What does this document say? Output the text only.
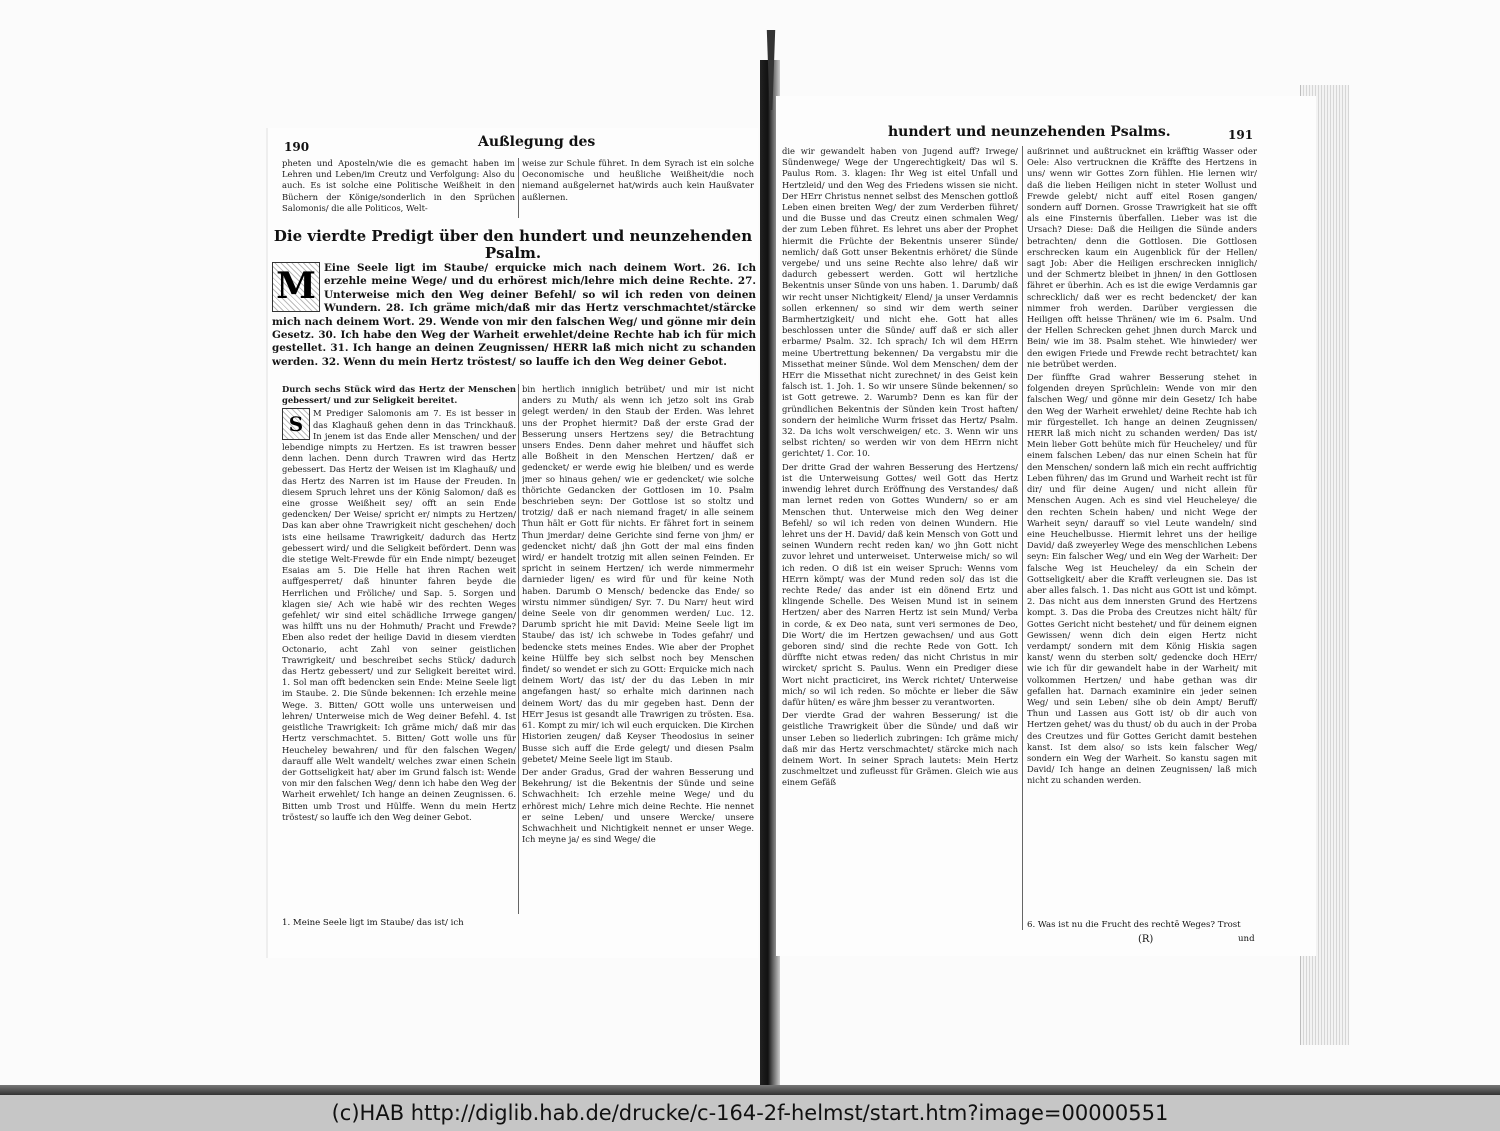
190	Außlegung des

pheten und Aposteln/wie die es gemacht haben im Lehren und Leben/im Creutz und Verfolgung: Also du auch. Es ist solche eine Politische Weißheit in den Büchern der Könige/sonderlich in den Sprüchen Salomonis/ die alle Politicos, Welt-

weise zur Schule führet. In dem Syrach ist ein solche Oeconomische und heußliche Weißheit/die noch niemand außgelernet hat/wirds auch kein Haußvater außlernen.

Die vierdte Predigt über den hundert und neunzehenden Psalm.
M Eine Seele ligt im Staube/ erquicke mich nach deinem Wort. 26. Ich erzehle meine Wege/ und du erhörest mich/lehre mich deine Rechte. 27. Unterweise mich den Weg deiner Befehl/ so wil ich reden von deinen Wundern. 28. Ich gräme mich/daß mir das Hertz verschmachtet/stärcke mich nach deinem Wort. 29. Wende von mir den falschen Weg/ und gönne mir dein Gesetz. 30. Ich habe den Weg der Warheit erwehlet/deine Rechte hab ich für mich gestellet. 31. Ich hange an deinen Zeugnissen/ HERR laß mich nicht zu schanden werden. 32. Wenn du mein Hertz tröstest/ so lauffe ich den Weg deiner Gebot.

Durch sechs Stück wird das Hertz der Menschen gebessert/ und zur Seligkeit bereitet.

S	M Prediger Salomonis am 7. Es ist besser in das Klaghauß gehen denn in das Trinckhauß. In jenem ist das Ende aller Menschen/ und der lebendige nimpts zu Hertzen. Es ist trawren besser denn lachen. Denn durch Trawren wird das Hertz gebessert. Das Hertz der Weisen ist im Klaghauß/ und das Hertz des Narren ist im Hause der Freuden. In diesem Spruch lehret uns der König Salomon/ daß es eine grosse Weißheit sey/ offt an sein Ende gedencken/ Der Weise/ spricht er/ nimpts zu Hertzen/ Das kan aber ohne Trawrigkeit nicht geschehen/ doch ists eine heilsame Trawrigkeit/ dadurch das Hertz gebessert wird/ und die Seligkeit befördert. Denn was die stetige Welt-Frewde für ein Ende nimpt/ bezeuget Esaias am 5. Die Helle hat ihren Rachen weit auffgesperret/ daß hinunter fahren beyde die Herrlichen und Fröliche/ und Sap. 5. Sorgen und klagen sie/ Ach wie habē wir des rechten Weges gefehlet/ wir sind eitel schädliche Irrwege gangen/ was hilfft uns nu der Hohmuth/ Pracht und Frewde? Eben also redet der heilige David in diesem vierdten Octonario, acht Zahl von seiner geistlichen Trawrigkeit/ und beschreibet sechs Stück/ dadurch das Hertz gebessert/ und zur Seligkeit bereitet wird. 1. Sol man offt bedencken sein Ende: Meine Seele ligt im Staube. 2. Die Sünde bekennen: Ich erzehle meine Wege. 3. Bitten/ GOtt wolle uns unterweisen und lehren/ Unterweise mich de Weg deiner Befehl. 4. Ist geistliche Trawrigkeit: Ich gräme mich/ daß mir das Hertz verschmachtet. 5. Bitten/ Gott wolle uns für Heucheley bewahren/ und für den falschen Wegen/ darauff alle Welt wandelt/ welches zwar einen Schein der Gottseligkeit hat/ aber im Grund falsch ist: Wende von mir den falschen Weg/ denn ich habe den Weg der Warheit erwehlet/ Ich hange an deinen Zeugnissen. 6. Bitten umb Trost und Hülffe. Wenn du mein Hertz tröstest/ so lauffe ich den Weg deiner Gebot.

bin hertlich inniglich betrübet/ und mir ist nicht anders zu Muth/ als wenn ich jetzo solt ins Grab gelegt werden/ in den Staub der Erden. Was lehret uns der Prophet hiermit? Daß der erste Grad der Besserung unsers Hertzens sey/ die Betrachtung unsers Endes. Denn daher mehret und häuffet sich alle Boßheit in den Menschen Hertzen/ daß er gedencket/ er werde ewig hie bleiben/ und es werde jmer so hinaus gehen/ wie er gedencket/ wie solche thörichte Gedancken der Gottlosen im 10. Psalm beschrieben seyn: Der Gottlose ist so stoltz und trotzig/ daß er nach niemand fraget/ in alle seinem Thun hält er Gott für nichts. Er fähret fort in seinem Thun jmerdar/ deine Gerichte sind ferne von jhm/ er gedencket nicht/ daß jhn Gott der mal eins finden wird/ er handelt trotzig mit allen seinen Feinden. Er spricht in seinem Hertzen/ ich werde nimmermehr darnieder ligen/ es wird für und für keine Noth haben. Darumb O Mensch/ bedencke das Ende/ so wirstu nimmer sündigen/ Syr. 7. Du Narr/ heut wird deine Seele von dir genommen werden/ Luc. 12. Darumb spricht hie mit David: Meine Seele ligt im Staube/ das ist/ ich schwebe in Todes gefahr/ und bedencke stets meines Endes. Wie aber der Prophet keine Hülffe bey sich selbst noch bey Menschen findet/ so wendet er sich zu GOtt: Erquicke mich nach deinem Wort/ das ist/ der du das Leben in mir angefangen hast/ so erhalte mich darinnen nach deinem Wort/ das du mir gegeben hast. Denn der HErr Jesus ist gesandt alle Trawrigen zu trösten. Esa. 61. Kompt zu mir/ ich wil euch erquicken. Die Kirchen Historien zeugen/ daß Keyser Theodosius in seiner Busse sich auff die Erde gelegt/ und diesen Psalm gebetet/ Meine Seele ligt im Staub.

Der ander Gradus, Grad der wahren Besserung und Bekehrung/ ist die Bekentnis der Sünde und seine Schwachheit: Ich erzehle meine Wege/ und du erhörest mich/ Lehre mich deine Rechte. Hie nennet er seine Leben/ und unsere Wercke/ unsere Schwachheit und Nichtigkeit nennet er unser Wege. Ich meyne ja/ es sind Wege/ die

1. Meine Seele ligt im Staube/ das ist/ ich
hundert und neunzehenden Psalms.	191

die wir gewandelt haben von Jugend auff? Irwege/ Sündenwege/ Wege der Ungerechtigkeit/ Das wil S. Paulus Rom. 3. klagen: Ihr Weg ist eitel Unfall und Hertzleid/ und den Weg des Friedens wissen sie nicht. Der HErr Christus nennet selbst des Menschen gottloß Leben einen breiten Weg/ der zum Verderben führet/ und die Busse und das Creutz einen schmalen Weg/ der zum Leben führet. Es lehret uns aber der Prophet hiermit die Früchte der Bekentnis unserer Sünde/ nemlich/ daß Gott unser Bekentnis erhöret/ die Sünde vergebe/ und uns seine Rechte also lehre/ daß wir dadurch gebessert werden. Gott wil hertzliche Bekentnis unser Sünde von uns haben. 1. Darumb/ daß wir recht unser Nichtigkeit/ Elend/ ja unser Verdamnis sollen erkennen/ so sind wir dem werth seiner Barmhertzigkeit/ und nicht ehe. Gott hat alles beschlossen unter die Sünde/ auff daß er sich aller erbarme/ Psalm. 32. Ich sprach/ Ich wil dem HErrn meine Ubertrettung bekennen/ Da vergabstu mir die Missethat meiner Sünde. Wol dem Menschen/ dem der HErr die Missethat nicht zurechnet/ in des Geist kein falsch ist. 1. Joh. 1. So wir unsere Sünde bekennen/ so ist Gott getrewe. 2. Warumb? Denn es kan für der gründlichen Bekentnis der Sünden kein Trost haften/ sondern der heimliche Wurm frisset das Hertz/ Psalm. 32. Da ichs wolt verschweigen/ etc. 3. Wenn wir uns selbst richten/ so werden wir von dem HErrn nicht gerichtet/ 1. Cor. 10.

Der dritte Grad der wahren Besserung des Hertzens/ ist die Unterweisung Gottes/ weil Gott das Hertz inwendig lehret durch Eröffnung des Verstandes/ daß man lernet reden von Gottes Wundern/ so er am Menschen thut. Unterweise mich den Weg deiner Befehl/ so wil ich reden von deinen Wundern. Hie lehret uns der H. David/ daß kein Mensch von Gott und seinen Wundern recht reden kan/ wo jhn Gott nicht zuvor lehret und unterweiset. Unterweise mich/ so wil ich reden. O diß ist ein weiser Spruch: Wenns vom HErrn kömpt/ was der Mund reden sol/ das ist die rechte Rede/ das ander ist ein dönend Ertz und klingende Schelle. Des Weisen Mund ist in seinem Hertzen/ aber des Narren Hertz ist sein Mund/ Verba in corde, & ex Deo nata, sunt veri sermones de Deo, Die Wort/ die im Hertzen gewachsen/ und aus Gott geboren sind/ sind die rechte Rede von Gott. Ich dürffte nicht etwas reden/ das nicht Christus in mir wircket/ spricht S. Paulus. Wenn ein Prediger diese Wort nicht practiciret, ins Werck richtet/ Unterweise mich/ so wil ich reden. So möchte er lieber die Säw dafür hüten/ es wäre jhm besser zu verantworten.

Der vierdte Grad der wahren Besserung/ ist die geistliche Trawrigkeit über die Sünde/ und daß wir unser Leben so liederlich zubringen: Ich gräme mich/ daß mir das Hertz verschmachtet/ stärcke mich nach deinem Wort. In seiner Sprach lautets: Mein Hertz zuschmeltzet und zufleusst für Grämen. Gleich wie aus einem Gefäß

außrinnet und außtrucknet ein kräfftig Wasser oder Oele: Also vertrucknen die Kräffte des Hertzens in uns/ wenn wir Gottes Zorn fühlen. Hie lernen wir/ daß die lieben Heiligen nicht in steter Wollust und Frewde gelebt/ nicht auff eitel Rosen gangen/ sondern auff Dornen. Grosse Trawrigkeit hat sie offt als eine Finsternis überfallen. Lieber was ist die Ursach? Diese: Daß die Heiligen die Sünde anders betrachten/ denn die Gottlosen. Die Gottlosen erschrecken kaum ein Augenblick für der Hellen/ sagt Job: Aber die Heiligen erschrecken inniglich/ und der Schmertz bleibet in jhnen/ in den Gottlosen fähret er überhin. Ach es ist die ewige Verdamnis gar schrecklich/ daß wer es recht bedencket/ der kan nimmer froh werden. Darüber vergiessen die Heiligen offt heisse Thränen/ wie im 6. Psalm. Und der Hellen Schrecken gehet jhnen durch Marck und Bein/ wie im 38. Psalm stehet. Wie hinwieder/ wer den ewigen Friede und Frewde recht betrachtet/ kan nie betrübet werden.

Der fünffte Grad wahrer Besserung stehet in folgenden dreyen Sprüchlein: Wende von mir den falschen Weg/ und gönne mir dein Gesetz/ Ich habe den Weg der Warheit erwehlet/ deine Rechte hab ich mir fürgestellet. Ich hange an deinen Zeugnissen/ HERR laß mich nicht zu schanden werden/ Das ist/ Mein lieber Gott behüte mich für Heucheley/ und für einem falschen Leben/ das nur einen Schein hat für den Menschen/ sondern laß mich ein recht auffrichtig Leben führen/ das im Grund und Warheit recht ist für dir/ und für deine Augen/ und nicht allein für Menschen Augen. Ach es sind viel Heucheleye/ die den rechten Schein haben/ und nicht Wege der Warheit seyn/ darauff so viel Leute wandeln/ sind eine Heuchelbusse. Hiermit lehret uns der heilige David/ daß zweyerley Wege des menschlichen Lebens seyn: Ein falscher Weg/ und ein Weg der Warheit: Der falsche Weg ist Heucheley/ da ein Schein der Gottseligkeit/ aber die Krafft verleugnen sie. Das ist aber alles falsch. 1. Das nicht aus GOtt ist und kömpt. 2. Das nicht aus dem innersten Grund des Hertzens kompt. 3. Das die Proba des Creutzes nicht hält/ für Gottes Gericht nicht bestehet/ und für deinem eignen Gewissen/ wenn dich dein eigen Hertz nicht verdampt/ sondern mit dem König Hiskia sagen kanst/ wenn du sterben solt/ gedencke doch HErr/ wie ich für dir gewandelt habe in der Warheit/ mit volkommen Hertzen/ und habe gethan was dir gefallen hat. Darnach examinire ein jeder seinen Weg/ und sein Leben/ sihe ob dein Ampt/ Beruff/ Thun und Lassen aus Gott ist/ ob dir auch von Hertzen gehet/ was du thust/ ob du auch in der Proba des Creutzes und für Gottes Gericht damit bestehen kanst. Ist dem also/ so ists kein falscher Weg/ sondern ein Weg der Warheit. So kanstu sagen mit David/ Ich hange an deinen Zeugnissen/ laß mich nicht zu schanden werden.

6. Was ist nu die Frucht des rechtē Weges? Trost
(R)	und
(c)HAB http://diglib.hab.de/drucke/c-164-2f-helmst/start.htm?image=00000551
